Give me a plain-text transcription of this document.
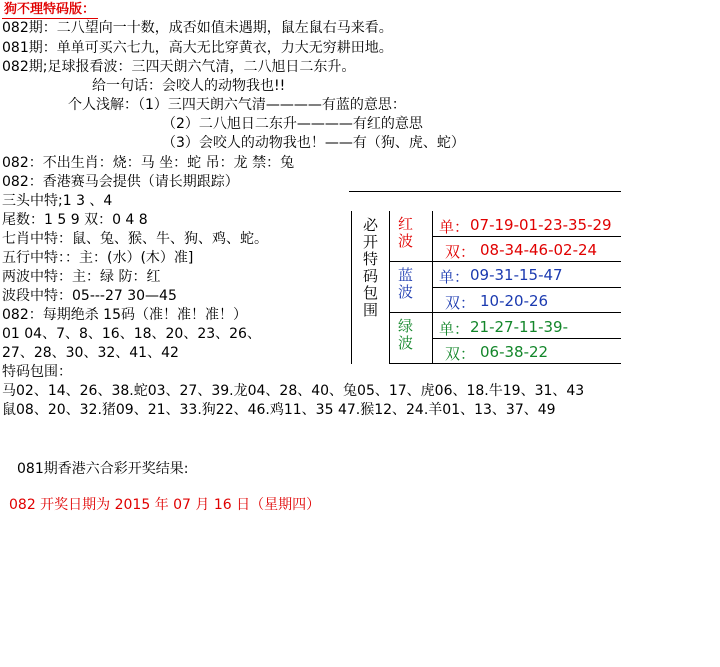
狗不理特码版：
082期：二八望向一十数，成否如值未遇期，鼠左鼠右马来看。
081期：单单可买六七九，高大无比穿黄衣，力大无穷耕田地。
082期;足球报看波：三四天朗六气清，二八旭日二东升。
给一句话：会咬人的动物我也!!
个人浅解：（1）三四天朗六气清————有蓝的意思：
（2）二八旭日二东升————有红的意思
（3）会咬人的动物我也！——有（狗、虎、蛇）
082：不出生肖：烧：马 坐：蛇 吊：龙 禁：兔
082：香港赛马会提供（请长期跟踪）
三头中特;1 3 、4
尾数：1 5 9 双：0 4 8
七肖中特：鼠、兔、猴、牛、狗、鸡、蛇。
五行中特：：主：(水）(木）准]
两波中特：主：绿 防：红
波段中特：05---27 30—45
082：每期绝杀 15码（准！准！准！）
01 04、7、8、16、18、20、23、26、
27、28、30、32、41、42
特码包围：
马02、14、26、38.蛇03、27、39.龙04、28、40、兔05、17、虎06、18.牛19、31、43
鼠08、20、32.猪09、21、33.狗22、46.鸡11、35 47.猴12、24.羊01、13、37、49
081期香港六合彩开奖结果:
082 开奖日期为 2015 年 07 月 16 日（星期四）
必开特码包围 红波 单： 07-19-01-23-35-29
双： 08-34-46-02-24
蓝波 单： 09-31-15-47
双： 10-20-26
绿波 单： 21-27-11-39-
双： 06-38-22
